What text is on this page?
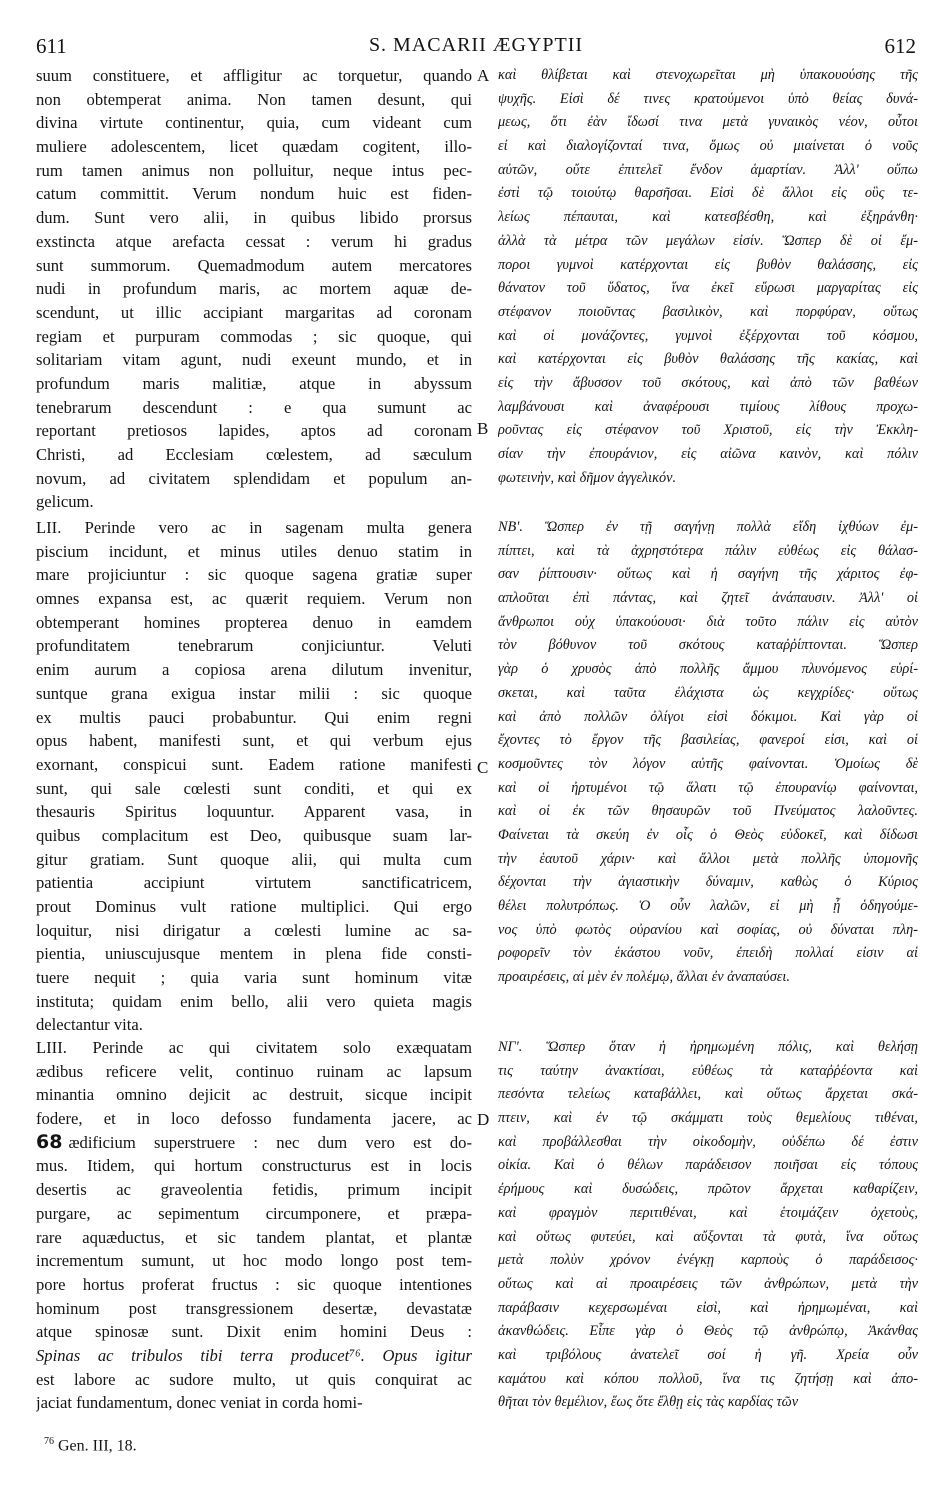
611	S. MACARII ÆGYPTII	612
suum constituere, et affligitur ac torquetur, quando
non obtemperat anima. Non tamen desunt, qui
divina virtute continentur, quia, cum videant cum
muliere adolescentem, licet quædam cogitent, illo-
rum tamen animus non polluitur, neque intus pec-
catum committit. Verum nondum huic est fiden-
dum. Sunt vero alii, in quibus libido prorsus
exstincta atque arefacta cessat : verum hi gradus
sunt summorum. Quemadmodum autem mercatores
nudi in profundum maris, ac mortem aquæ de-
scendunt, ut illic accipiant margaritas ad coronam
regiam et purpuram commodas ; sic quoque, qui
solitariam vitam agunt, nudi exeunt mundo, et in
profundum maris malitiæ, atque in abyssum
tenebrarum descendunt : e qua sumunt ac
reportant pretiosos lapides, aptos ad coronam
Christi, ad Ecclesiam cœlestem, ad sæculum
novum, ad civitatem splendidam et populum an-
gelicum.
LII. Perinde vero ac in sagenam multa genera
piscium incidunt, et minus utiles denuo statim in
mare projiciuntur : sic quoque sagena gratiæ super
omnes expansa est, ac quærit requiem. Verum non
obtemperant homines propterea denuo in eamdem
profunditatem tenebrarum conjiciuntur. Veluti
enim aurum a copiosa arena dilutum invenitur,
suntque grana exigua instar milii : sic quoque
ex multis pauci probabuntur. Qui enim regni
opus habent, manifesti sunt, et qui verbum ejus
exornant, conspicui sunt. Eadem ratione manifesti
sunt, qui sale cœlesti sunt conditi, et qui ex
thesauris Spiritus loquuntur. Apparent vasa, in
quibus complacitum est Deo, quibusque suam lar-
gitur gratiam. Sunt quoque alii, qui multa cum
patientia accipiunt virtutem sanctificatricem,
prout Dominus vult ratione multiplici. Qui ergo
loquitur, nisi dirigatur a cœlesti lumine ac sa-
pientia, uniuscujusque mentem in plena fide consti-
tuere nequit ; quia varia sunt hominum vitæ
instituta; quidam enim bello, alii vero quieta magis
delectantur vita.
LIII. Perinde ac qui civitatem solo exæquatam
ædibus reficere velit, continuo ruinam ac lapsum
minantia omnino dejicit ac destruit, sicque incipit
fodere, et in loco defosso fundamenta jacere, ac
68 ædificium superstruere : nec dum vero est do-
mus. Itidem, qui hortum constructurus est in locis
desertis ac graveolentia fetidis, primum incipit
purgare, ac sepimentum circumponere, et præpa-
rare aquæductus, et sic tandem plantat, et plantæ
incrementum sumunt, ut hoc modo longo post tem-
pore hortus proferat fructus : sic quoque intentiones
hominum post transgressionem desertæ, devastatæ
atque spinosæ sunt. Dixit enim homini Deus :
Spinas ac tribulos tibi terra producet⁷⁶. Opus igitur
est labore ac sudore multo, ut quis conquirat ac
jaciat fundamentum, donec veniat in corda homi-
καὶ θλίβεται καὶ στενοχωρεῖται μὴ ὑπακουούσης τῆς
ψυχῆς. Εἰσὶ δέ τινες κρατούμενοι ὑπὸ θείας δυνά-
μεως, ὅτι ἐὰν ἴδωσί τινα μετὰ γυναικὸς νέον, οὗτοι
εἰ καὶ διαλογίζονταί τινα, ὅμως οὐ μιαίνεται ὁ νοῦς
αὐτῶν, οὔτε ἐπιτελεῖ ἔνδον ἁμαρτίαν. Ἀλλ' οὔπω
ἐστὶ τῷ τοιούτῳ θαρσῆσαι. Εἰσὶ δὲ ἄλλοι εἰς οὓς τε-
λείως πέπαυται, καὶ κατεσβέσθη, καὶ ἐξηράνθη·
ἀλλὰ τὰ μέτρα τῶν μεγάλων εἰσίν. Ὥσπερ δὲ οἱ ἔμ-
ποροι γυμνοὶ κατέρχονται εἰς βυθὸν θαλάσσης, εἰς
θάνατον τοῦ ὕδατος, ἵνα ἐκεῖ εὕρωσι μαργαρίτας εἰς
στέφανον ποιοῦντας βασιλικὸν, καὶ πορφύραν, οὕτως
καὶ οἱ μονάζοντες, γυμνοὶ ἐξέρχονται τοῦ κόσμου,
καὶ κατέρχονται εἰς βυθὸν θαλάσσης τῆς κακίας, καὶ
εἰς τὴν ἄβυσσον τοῦ σκότους, καὶ ἀπὸ τῶν βαθέων
λαμβάνουσι καὶ ἀναφέρουσι τιμίους λίθους προχω-
ροῦντας εἰς στέφανον τοῦ Χριστοῦ, εἰς τὴν Ἐκκλη-
σίαν τὴν ἐπουράνιον, εἰς αἰῶνα καινὸν, καὶ πόλιν
φωτεινὴν, καὶ δῆμον ἀγγελικόν.
ΝΒ'. Ὥσπερ ἐν τῇ σαγήνῃ πολλὰ εἴδη ἰχθύων ἐμ-
πίπτει, καὶ τὰ ἀχρηστότερα πάλιν εὐθέως εἰς θάλασ-
σαν ῥίπτουσιν· οὕτως καὶ ἡ σαγήνη τῆς χάριτος ἐφ-
απλοῦται ἐπὶ πάντας, καὶ ζητεῖ ἀνάπαυσιν. Ἀλλ' οἱ
ἄνθρωποι οὐχ ὑπακούουσι· διὰ τοῦτο πάλιν εἰς αὐτὸν
τὸν βόθυνον τοῦ σκότους καταῤῥίπτονται. Ὥσπερ
γὰρ ὁ χρυσὸς ἀπὸ πολλῆς ἄμμου πλυνόμενος εὑρί-
σκεται, καὶ ταῦτα ἐλάχιστα ὡς κεγχρίδες· οὕτως
καὶ ἀπὸ πολλῶν ὀλίγοι εἰσὶ δόκιμοι. Καὶ γὰρ οἱ
ἔχοντες τὸ ἔργον τῆς βασιλείας, φανεροί εἰσι, καὶ οἱ
κοσμοῦντες τὸν λόγον αὐτῆς φαίνονται. Ὁμοίως δὲ
καὶ οἱ ἠρτυμένοι τῷ ἅλατι τῷ ἐπουρανίῳ φαίνονται,
καὶ οἱ ἐκ τῶν θησαυρῶν τοῦ Πνεύματος λαλοῦντες.
Φαίνεται τὰ σκεύη ἐν οἷς ὁ Θεὸς εὐδοκεῖ, καὶ δίδωσι
τὴν ἑαυτοῦ χάριν· καὶ ἄλλοι μετὰ πολλῆς ὑπομονῆς
δέχονται τὴν ἁγιαστικὴν δύναμιν, καθὼς ὁ Κύριος
θέλει πολυτρόπως. Ὁ οὖν λαλῶν, εἰ μὴ ᾖ ὁδηγούμε-
νος ὑπὸ φωτὸς οὐρανίου καὶ σοφίας, οὐ δύναται πλη-
ροφορεῖν τὸν ἑκάστου νοῦν, ἐπειδὴ πολλαί εἰσιν αἱ
προαιρέσεις, αἱ μὲν ἐν πολέμῳ, ἄλλαι ἐν ἀναπαύσει.
ΝΓ'. Ὥσπερ ὅταν ἡ ἠρημωμένη πόλις, καὶ θελήσῃ
τις ταύτην ἀνακτίσαι, εὐθέως τὰ καταῤῥέοντα καὶ
πεσόντα τελείως καταβάλλει, καὶ οὕτως ἄρχεται σκά-
πτειν, καὶ ἐν τῷ σκάμματι τοὺς θεμελίους τιθέναι,
καὶ προβάλλεσθαι τὴν οἰκοδομὴν, οὐδέπω δέ ἐστιν
οἰκία. Καὶ ὁ θέλων παράδεισον ποιῆσαι εἰς τόπους
ἐρήμους καὶ δυσώδεις, πρῶτον ἄρχεται καθαρίζειν,
καὶ φραγμὸν περιτιθέναι, καὶ ἑτοιμάζειν ὀχετοὺς,
καὶ οὕτως φυτεύει, καὶ αὔξονται τὰ φυτὰ, ἵνα οὕτως
μετὰ πολὺν χρόνον ἐνέγκῃ καρποὺς ὁ παράδεισος·
οὕτως καὶ αἱ προαιρέσεις τῶν ἀνθρώπων, μετὰ τὴν
παράβασιν κεχερσωμέναι εἰσὶ, καὶ ἠρημωμέναι, καὶ
ἀκανθώδεις. Εἶπε γὰρ ὁ Θεὸς τῷ ἀνθρώπῳ, Ἀκάνθας
καὶ τριβόλους ἀνατελεῖ σοί ἡ γῆ. Χρεία οὖν
καμάτου καὶ κόπου πολλοῦ, ἵνα τις ζητήσῃ καὶ ἀπο-
θῆται τὸν θεμέλιον, ἕως ὅτε ἔλθῃ εἰς τὰς καρδίας τῶν
A
B
C
D
$^{76}$ Gen. III, 18.
